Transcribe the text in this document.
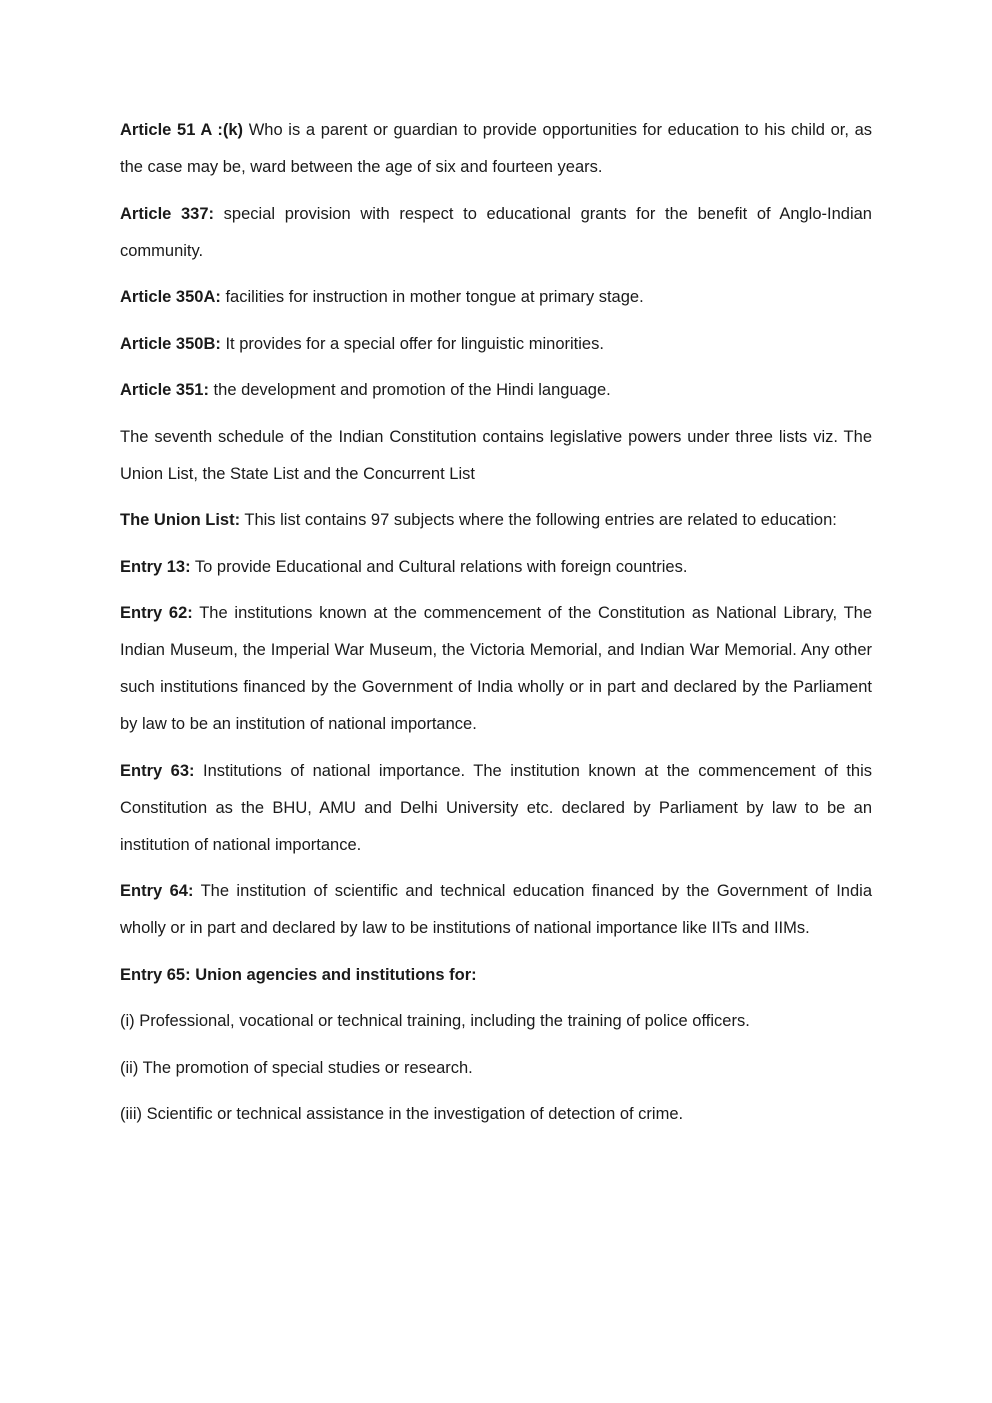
Article 51 A :(k) Who is a parent or guardian to provide opportunities for education to his child or, as the case may be, ward between the age of six and fourteen years.

Article 337: special provision with respect to educational grants for the benefit of Anglo-Indian community.

Article 350A: facilities for instruction in mother tongue at primary stage.

Article 350B: It provides for a special offer for linguistic minorities.

Article 351: the development and promotion of the Hindi language.

The seventh schedule of the Indian Constitution contains legislative powers under three lists viz. The Union List, the State List and the Concurrent List

The Union List: This list contains 97 subjects where the following entries are related to education:

Entry 13: To provide Educational and Cultural relations with foreign countries.

Entry 62: The institutions known at the commencement of the Constitution as National Library, The Indian Museum, the Imperial War Museum, the Victoria Memorial, and Indian War Memorial. Any other such institutions financed by the Government of India wholly or in part and declared by the Parliament by law to be an institution of national importance.

Entry 63: Institutions of national importance. The institution known at the commencement of this Constitution as the BHU, AMU and Delhi University etc. declared by Parliament by law to be an institution of national importance.

Entry 64: The institution of scientific and technical education financed by the Government of India wholly or in part and declared by law to be institutions of national importance like IITs and IIMs.

Entry 65: Union agencies and institutions for:

(i) Professional, vocational or technical training, including the training of police officers.

(ii) The promotion of special studies or research.

(iii) Scientific or technical assistance in the investigation of detection of crime.
